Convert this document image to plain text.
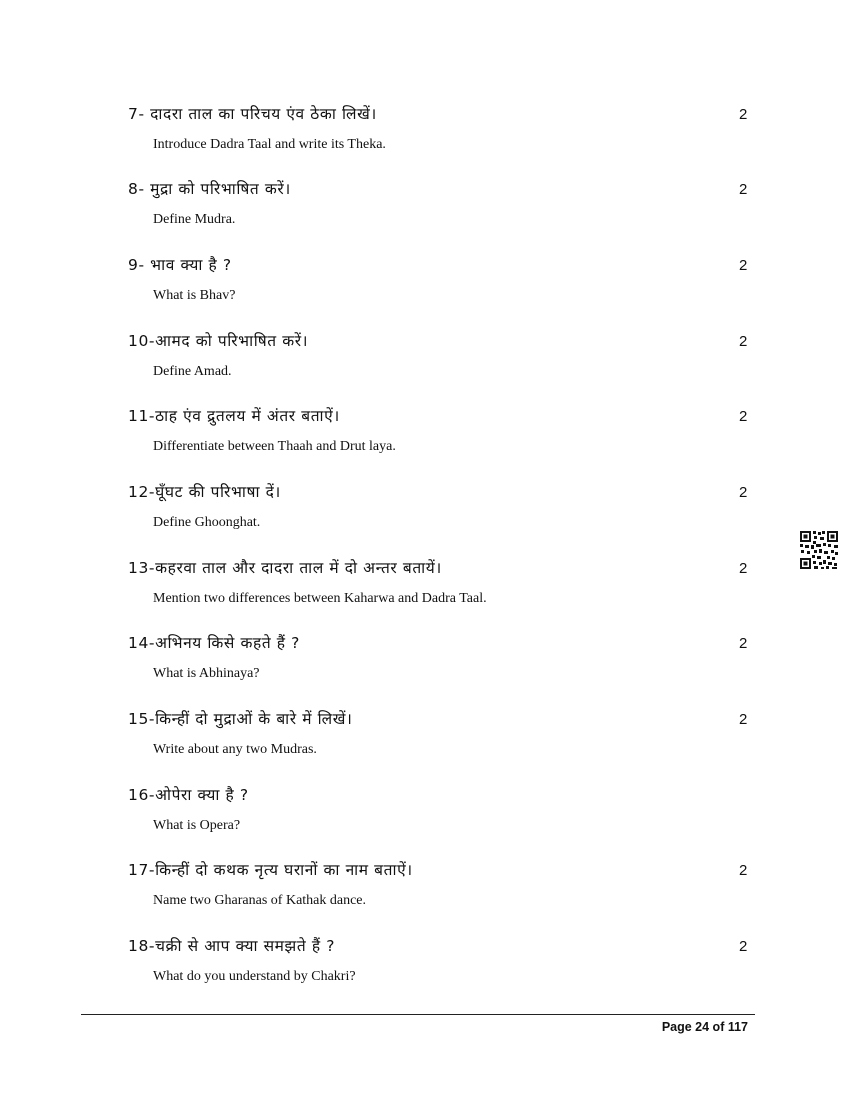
7- दादरा ताल का परिचय एंव ठेका लिखें।
Introduce Dadra Taal and write its Theka.
2
8- मुद्रा को परिभाषित करें।
Define Mudra.
2
9- भाव क्या है ?
What is Bhav?
2
10-आमद को परिभाषित करें।
Define Amad.
2
11-ठाह एंव द्रुतलय में अंतर बताऐं।
Differentiate between Thaah and Drut laya.
2
12-घूँघट की परिभाषा दें।
Define Ghoonghat.
2
13-कहरवा ताल और दादरा ताल में दो अन्तर बतायें।
Mention two differences between Kaharwa and Dadra Taal.
2
14-अभिनय किसे कहते हैं ?
What is Abhinaya?
2
15-किन्हीं दो मुद्राओं के बारे में लिखें।
Write about any two Mudras.
2
16-ओपेरा क्या है ?
What is Opera?
17-किन्हीं दो कथक नृत्य घरानों का नाम बताऐं।
Name two Gharanas of Kathak dance.
2
18-चक्री से आप क्या समझते हैं ?
What do you understand by Chakri?
2
Page 24 of 117
